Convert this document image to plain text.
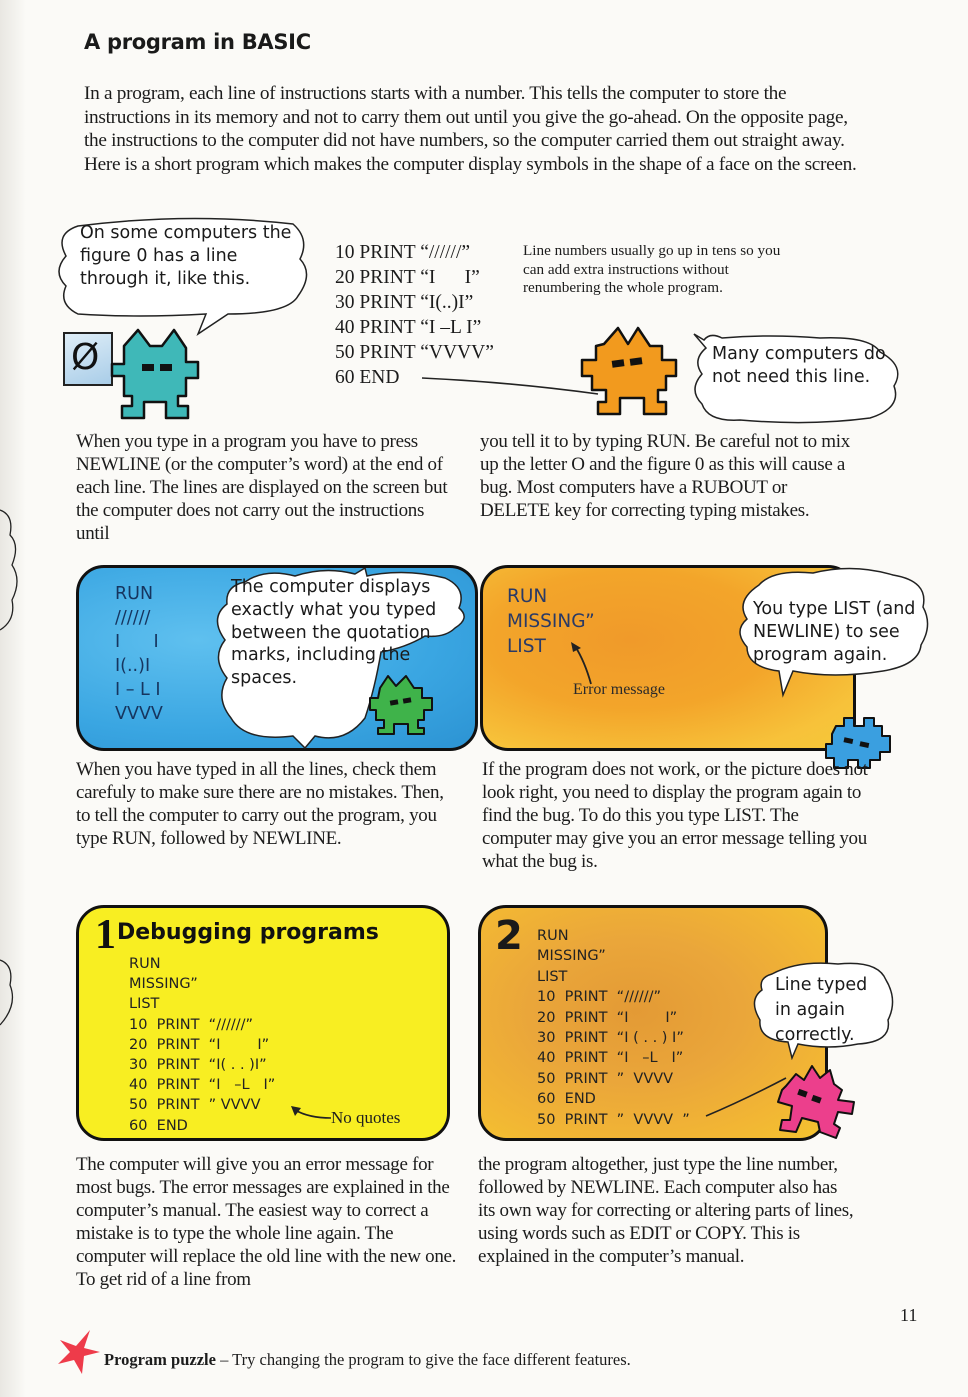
A program in BASIC
In a program, each line of instructions starts with a number. This tells the computer to store the instructions in its memory and not to carry them out until you give the go-ahead. On the opposite page, the instructions to the computer did not have numbers, so the computer carried them out straight away. Here is a short program which makes the computer display symbols in the shape of a face on the screen.
On some computers the figure 0 has a line through it, like this.
Ø
10 PRINT “//////”
20 PRINT “I      I”
30 PRINT “I(..)I”
40 PRINT “I –L I”
50 PRINT “VVVV”
60 END
Line numbers usually go up in tens so you can add extra instructions without renumbering the whole program.
Many computers do not need this line.
When you type in a program you have to press NEWLINE (or the computer’s word) at the end of each line. The lines are displayed on the screen but the computer does not carry out the instructions until
you tell it to by typing RUN. Be careful not to mix up the letter O and the figure 0 as this will cause a bug. Most computers have a RUBOUT or DELETE key for correcting typing mistakes.
RUN
//////
I      I
I(..)I
I – L I
VVVV
The computer displays exactly what you typed between the quotation marks, including the spaces.
RUN
MISSING”
LIST
Error message
You type LIST (and NEWLINE) to see program again.
When you have typed in all the lines, check them carefuly to make sure there are no mistakes. Then, to tell the computer to carry out the program, you type RUN, followed by NEWLINE.
If the program does not work, or the picture does not look right, you need to display the program again to find the bug. To do this you type LIST. The computer may give you an error message telling you what the bug is.
1 Debugging programs
RUN
MISSING”
LIST
10  PRINT  “//////”
20  PRINT  “I        I”
30  PRINT  “I( . . )I”
40  PRINT  “I   –L   I”
50  PRINT  ” VVVV
60  END	No quotes
2 RUN
MISSING”
LIST
10  PRINT  “//////”
20  PRINT  “I        I”
30  PRINT  “I ( . . ) I”
40  PRINT  “I   –L   I”
50  PRINT  ”  VVVV
60  END
50  PRINT  ”  VVVV  ”
Line typed in again correctly.
The computer will give you an error message for most bugs. The error messages are explained in the computer’s manual. The easiest way to correct a mistake is to type the whole line again. The computer will replace the old line with the new one. To get rid of a line from
the program altogether, just type the line number, followed by NEWLINE. Each computer also has its own way for correcting or altering parts of lines, using words such as EDIT or COPY. This is explained in the computer’s manual.
11
Program puzzle – Try changing the program to give the face different features.
